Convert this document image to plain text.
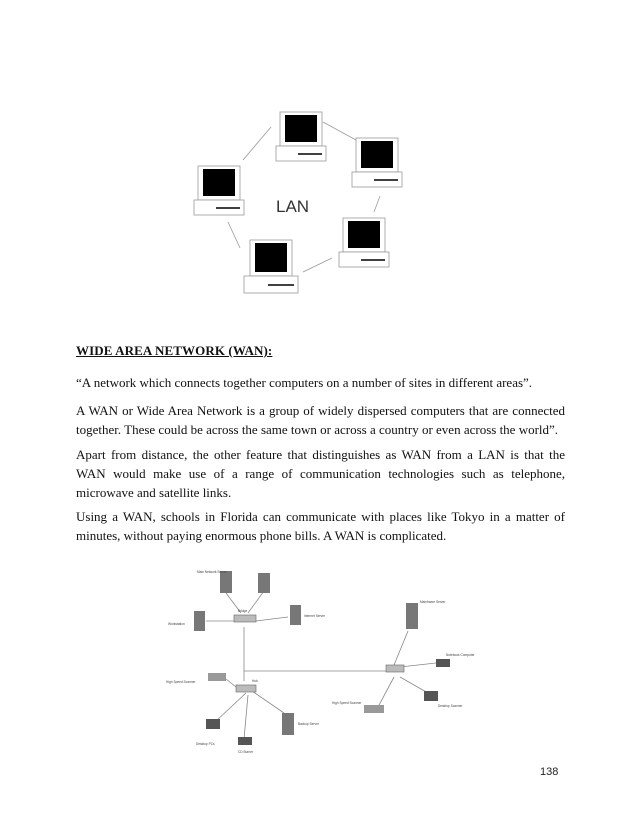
LAN
WIDE AREA NETWORK (WAN):

“A network which connects together computers on a number of sites in different areas”.

A WAN or Wide Area Network is a group of widely dispersed computers that are connected together. These could be across the same town or across a country or even across the world”.

Apart from distance, the other feature that distinguishes as WAN from a LAN is that the WAN would make use of a range of communication technologies such as telephone, microwave and satellite links.

Using a WAN, schools in Florida can communicate with places like Tokyo in a matter of minutes, without paying enormous phone bills. A WAN is complicated.

Main Network Server
Workstation
Internet Server
Bridge
High Speed Scanner	Hub
Desktop PCs
CD Burner
Backup Server
Mainframe Server
Notebook Computer
Desktop Scanner
High Speed Scanner
138
